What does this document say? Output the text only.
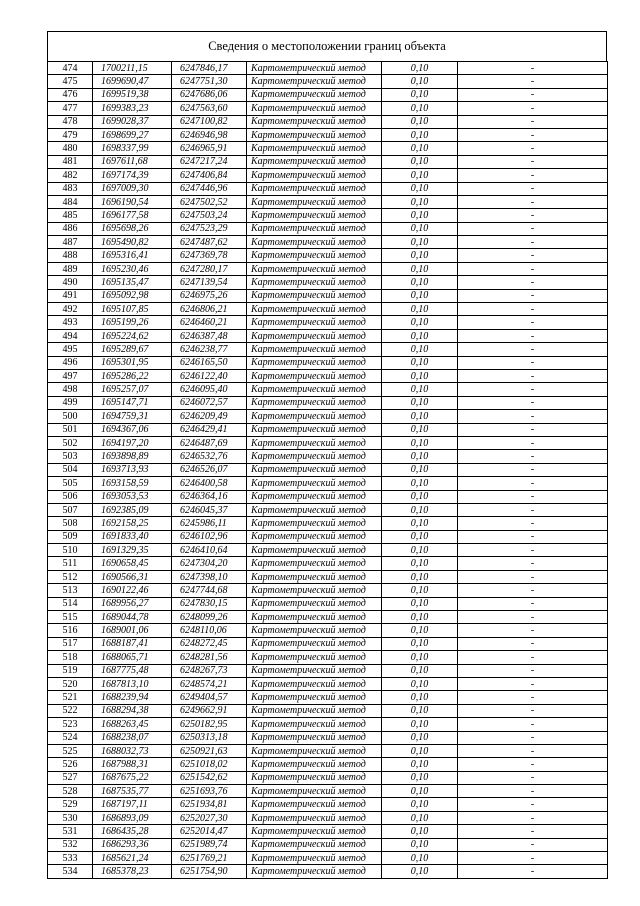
Сведения о местоположении границ объекта
474	1700211,15	6247846,17	Картометрический метод	0,10	-
475	1699690,47	6247751,30	Картометрический метод	0,10	-
476	1699519,38	6247686,06	Картометрический метод	0,10	-
477	1699383,23	6247563,60	Картометрический метод	0,10	-
478	1699028,37	6247100,82	Картометрический метод	0,10	-
479	1698699,27	6246946,98	Картометрический метод	0,10	-
480	1698337,99	6246965,91	Картометрический метод	0,10	-
481	1697611,68	6247217,24	Картометрический метод	0,10	-
482	1697174,39	6247406,84	Картометрический метод	0,10	-
483	1697009,30	6247446,96	Картометрический метод	0,10	-
484	1696190,54	6247502,52	Картометрический метод	0,10	-
485	1696177,58	6247503,24	Картометрический метод	0,10	-
486	1695698,26	6247523,29	Картометрический метод	0,10	-
487	1695490,82	6247487,62	Картометрический метод	0,10	-
488	1695316,41	6247369,78	Картометрический метод	0,10	-
489	1695230,46	6247280,17	Картометрический метод	0,10	-
490	1695135,47	6247139,54	Картометрический метод	0,10	-
491	1695092,98	6246975,26	Картометрический метод	0,10	-
492	1695107,85	6246806,21	Картометрический метод	0,10	-
493	1695199,26	6246460,21	Картометрический метод	0,10	-
494	1695224,62	6246387,48	Картометрический метод	0,10	-
495	1695289,67	6246238,77	Картометрический метод	0,10	-
496	1695301,95	6246165,50	Картометрический метод	0,10	-
497	1695286,22	6246122,40	Картометрический метод	0,10	-
498	1695257,07	6246095,40	Картометрический метод	0,10	-
499	1695147,71	6246072,57	Картометрический метод	0,10	-
500	1694759,31	6246209,49	Картометрический метод	0,10	-
501	1694367,06	6246429,41	Картометрический метод	0,10	-
502	1694197,20	6246487,69	Картометрический метод	0,10	-
503	1693898,89	6246532,76	Картометрический метод	0,10	-
504	1693713,93	6246526,07	Картометрический метод	0,10	-
505	1693158,59	6246400,58	Картометрический метод	0,10	-
506	1693053,53	6246364,16	Картометрический метод	0,10	-
507	1692385,09	6246045,37	Картометрический метод	0,10	-
508	1692158,25	6245986,11	Картометрический метод	0,10	-
509	1691833,40	6246102,96	Картометрический метод	0,10	-
510	1691329,35	6246410,64	Картометрический метод	0,10	-
511	1690658,45	6247304,20	Картометрический метод	0,10	-
512	1690566,31	6247398,10	Картометрический метод	0,10	-
513	1690122,46	6247744,68	Картометрический метод	0,10	-
514	1689956,27	6247830,15	Картометрический метод	0,10	-
515	1689044,78	6248099,26	Картометрический метод	0,10	-
516	1689001,06	6248110,06	Картометрический метод	0,10	-
517	1688187,41	6248272,45	Картометрический метод	0,10	-
518	1688065,71	6248281,56	Картометрический метод	0,10	-
519	1687775,48	6248267,73	Картометрический метод	0,10	-
520	1687813,10	6248574,21	Картометрический метод	0,10	-
521	1688239,94	6249404,57	Картометрический метод	0,10	-
522	1688294,38	6249662,91	Картометрический метод	0,10	-
523	1688263,45	6250182,95	Картометрический метод	0,10	-
524	1688238,07	6250313,18	Картометрический метод	0,10	-
525	1688032,73	6250921,63	Картометрический метод	0,10	-
526	1687988,31	6251018,02	Картометрический метод	0,10	-
527	1687675,22	6251542,62	Картометрический метод	0,10	-
528	1687535,77	6251693,76	Картометрический метод	0,10	-
529	1687197,11	6251934,81	Картометрический метод	0,10	-
530	1686893,09	6252027,30	Картометрический метод	0,10	-
531	1686435,28	6252014,47	Картометрический метод	0,10	-
532	1686293,36	6251989,74	Картометрический метод	0,10	-
533	1685621,24	6251769,21	Картометрический метод	0,10	-
534	1685378,23	6251754,90	Картометрический метод	0,10	-
